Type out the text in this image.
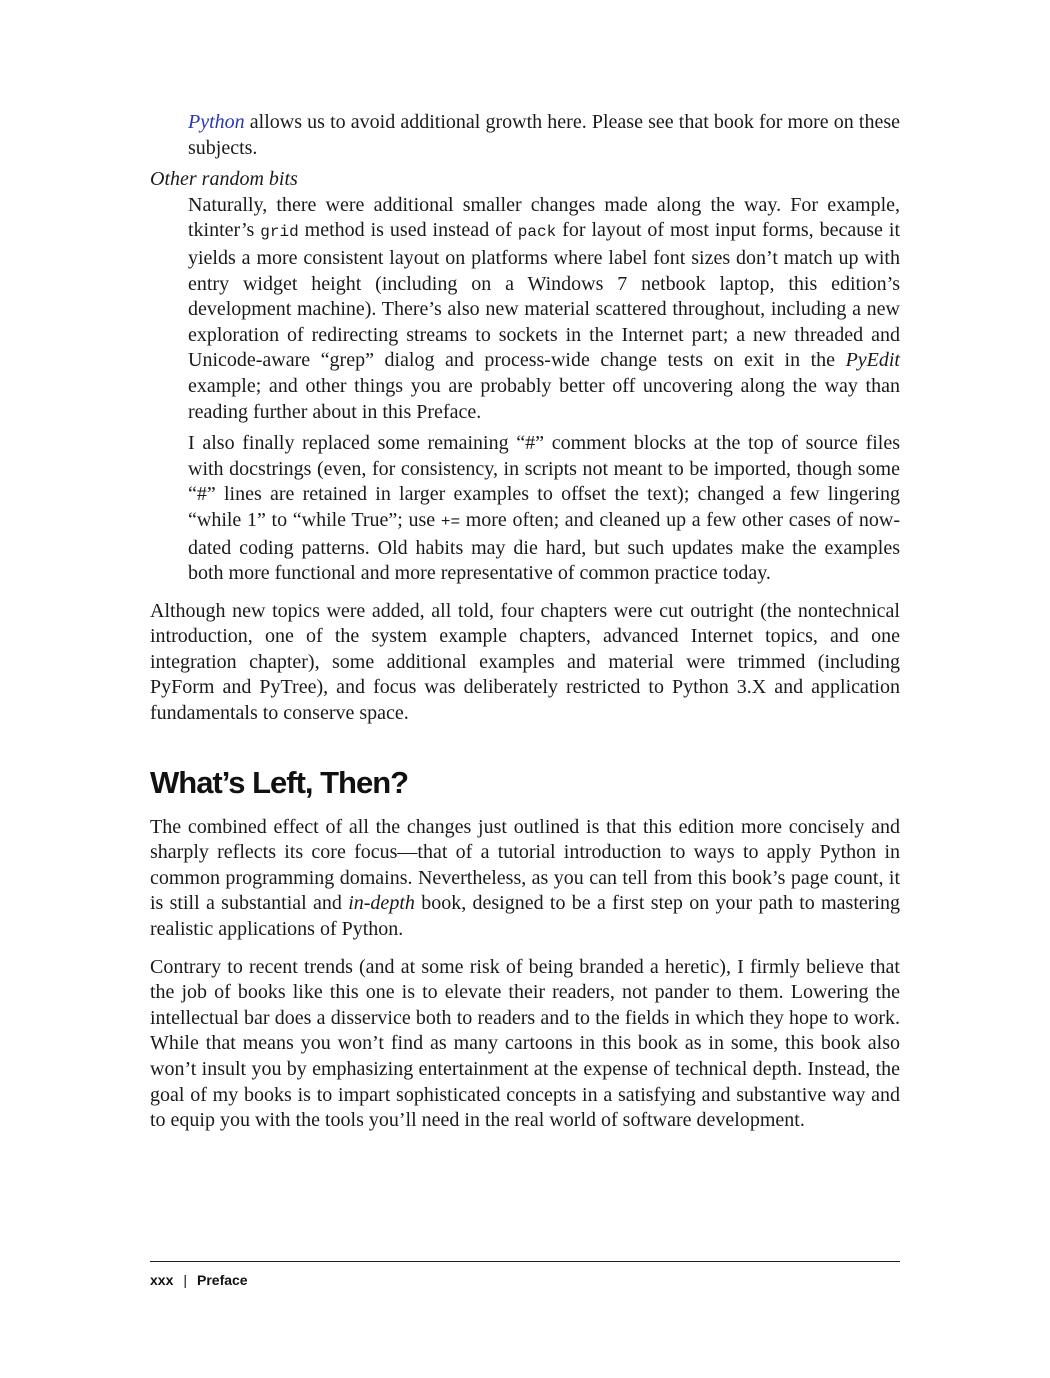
Python allows us to avoid additional growth here. Please see that book for more on these subjects.

Other random bits

Naturally, there were additional smaller changes made along the way. For example, tkinter’s grid method is used instead of pack for layout of most input forms, because it yields a more consistent layout on platforms where label font sizes don’t match up with entry widget height (including on a Windows 7 netbook laptop, this edition’s development machine). There’s also new material scattered throughout, including a new exploration of redirecting streams to sockets in the Internet part; a new threaded and Unicode-aware “grep” dialog and process-wide change tests on exit in the PyEdit example; and other things you are probably better off uncovering along the way than reading further about in this Preface.

I also finally replaced some remaining “#” comment blocks at the top of source files with docstrings (even, for consistency, in scripts not meant to be imported, though some “#” lines are retained in larger examples to offset the text); changed a few lingering “while 1” to “while True”; use += more often; and cleaned up a few other cases of now-dated coding patterns. Old habits may die hard, but such updates make the examples both more functional and more representative of common practice today.

Although new topics were added, all told, four chapters were cut outright (the nontechnical introduction, one of the system example chapters, advanced Internet topics, and one integration chapter), some additional examples and material were trimmed (including PyForm and PyTree), and focus was deliberately restricted to Python 3.X and application fundamentals to conserve space.

What’s Left, Then?

The combined effect of all the changes just outlined is that this edition more concisely and sharply reflects its core focus—that of a tutorial introduction to ways to apply Python in common programming domains. Nevertheless, as you can tell from this book’s page count, it is still a substantial and in-depth book, designed to be a first step on your path to mastering realistic applications of Python.

Contrary to recent trends (and at some risk of being branded a heretic), I firmly believe that the job of books like this one is to elevate their readers, not pander to them. Lowering the intellectual bar does a disservice both to readers and to the fields in which they hope to work. While that means you won’t find as many cartoons in this book as in some, this book also won’t insult you by emphasizing entertainment at the expense of technical depth. Instead, the goal of my books is to impart sophisticated concepts in a satisfying and substantive way and to equip you with the tools you’ll need in the real world of software development.

xxx | Preface
